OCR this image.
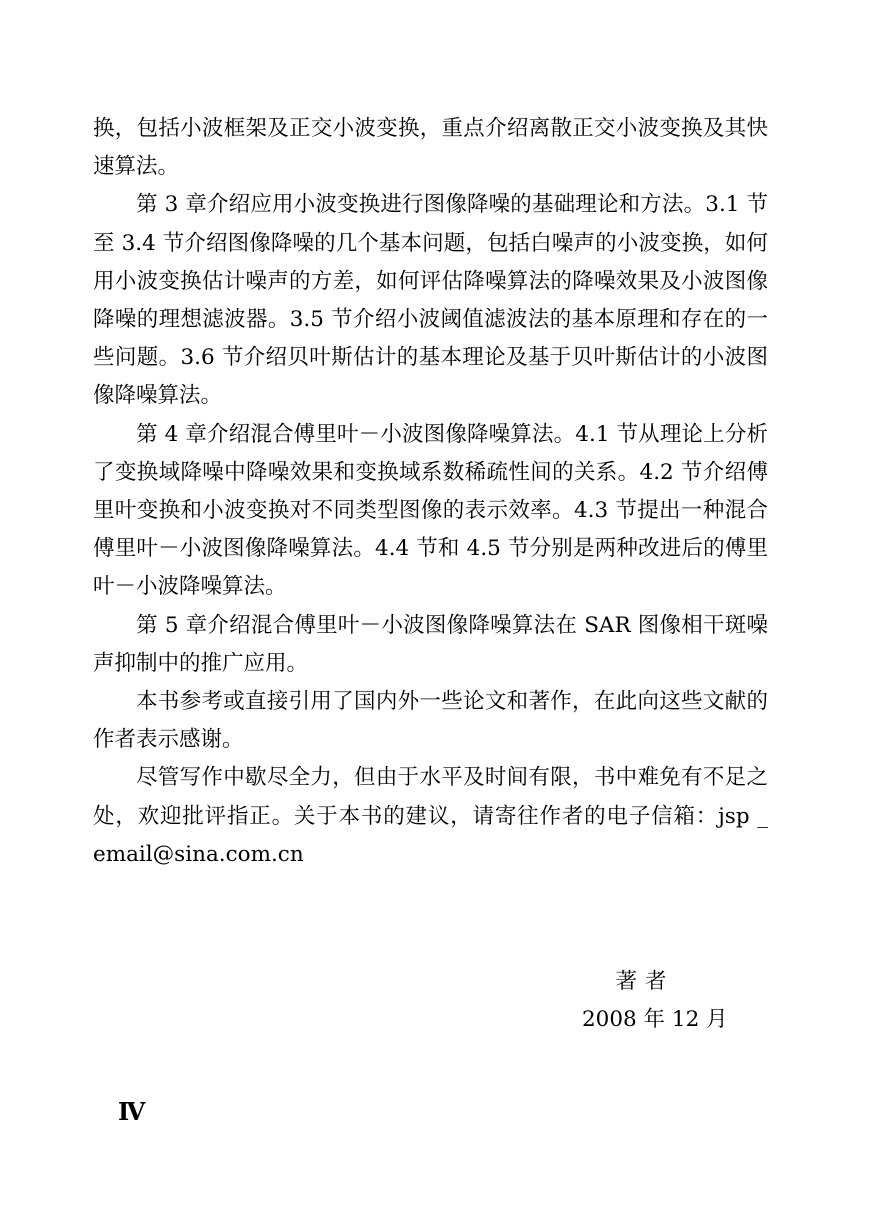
换，包括小波框架及正交小波变换，重点介绍离散正交小波变换及其快速算法。

第 3 章介绍应用小波变换进行图像降噪的基础理论和方法。3.1 节至 3.4 节介绍图像降噪的几个基本问题，包括白噪声的小波变换，如何用小波变换估计噪声的方差，如何评估降噪算法的降噪效果及小波图像降噪的理想滤波器。3.5 节介绍小波阈值滤波法的基本原理和存在的一些问题。3.6 节介绍贝叶斯估计的基本理论及基于贝叶斯估计的小波图像降噪算法。

第 4 章介绍混合傅里叶－小波图像降噪算法。4.1 节从理论上分析了变换域降噪中降噪效果和变换域系数稀疏性间的关系。4.2 节介绍傅里叶变换和小波变换对不同类型图像的表示效率。4.3 节提出一种混合傅里叶－小波图像降噪算法。4.4 节和 4.5 节分别是两种改进后的傅里叶－小波降噪算法。

第 5 章介绍混合傅里叶－小波图像降噪算法在 SAR 图像相干斑噪声抑制中的推广应用。

本书参考或直接引用了国内外一些论文和著作，在此向这些文献的作者表示感谢。

尽管写作中歇尽全力，但由于水平及时间有限，书中难免有不足之处，欢迎批评指正。关于本书的建议，请寄往作者的电子信箱：jsp _ email@sina.com.cn

著者
2008 年 12 月
Ⅳ
